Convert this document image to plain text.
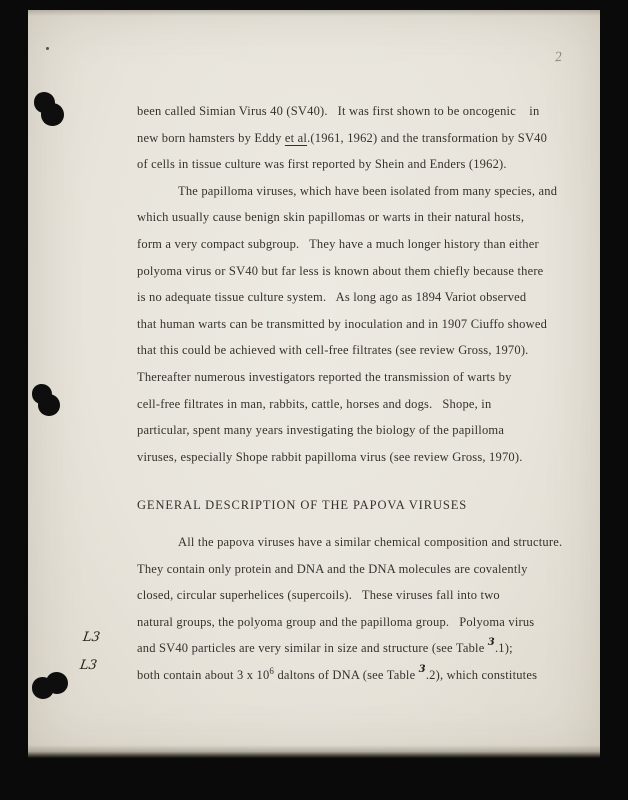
2
L3
L3
been called Simian Virus 40 (SV40).   It was first shown to be oncogenic    in
new born hamsters by Eddy et al.(1961, 1962) and the transformation by SV40
of cells in tissue culture was first reported by Shein and Enders (1962).
The papilloma viruses, which have been isolated from many species, and
which usually cause benign skin papillomas or warts in their natural hosts,
form a very compact subgroup.   They have a much longer history than either
polyoma virus or SV40 but far less is known about them chiefly because there
is no adequate tissue culture system.   As long ago as 1894 Variot observed
that human warts can be transmitted by inoculation and in 1907 Ciuffo showed
that this could be achieved with cell-free filtrates (see review Gross, 1970).
Thereafter numerous investigators reported the transmission of warts by
cell-free filtrates in man, rabbits, cattle, horses and dogs.   Shope, in
particular, spent many years investigating the biology of the papilloma
viruses, especially Shope rabbit papilloma virus (see review Gross, 1970).
GENERAL DESCRIPTION OF THE PAPOVA VIRUSES
All the papova viruses have a similar chemical composition and structure.
They contain only protein and DNA and the DNA molecules are covalently
closed, circular superhelices (supercoils).   These viruses fall into two
natural groups, the polyoma group and the papilloma group.   Polyoma virus
and SV40 particles are very similar in size and structure (see Table $^3$.1);
both contain about 3 x $10^6$ daltons of DNA (see Table $^3$.2), which constitutes
